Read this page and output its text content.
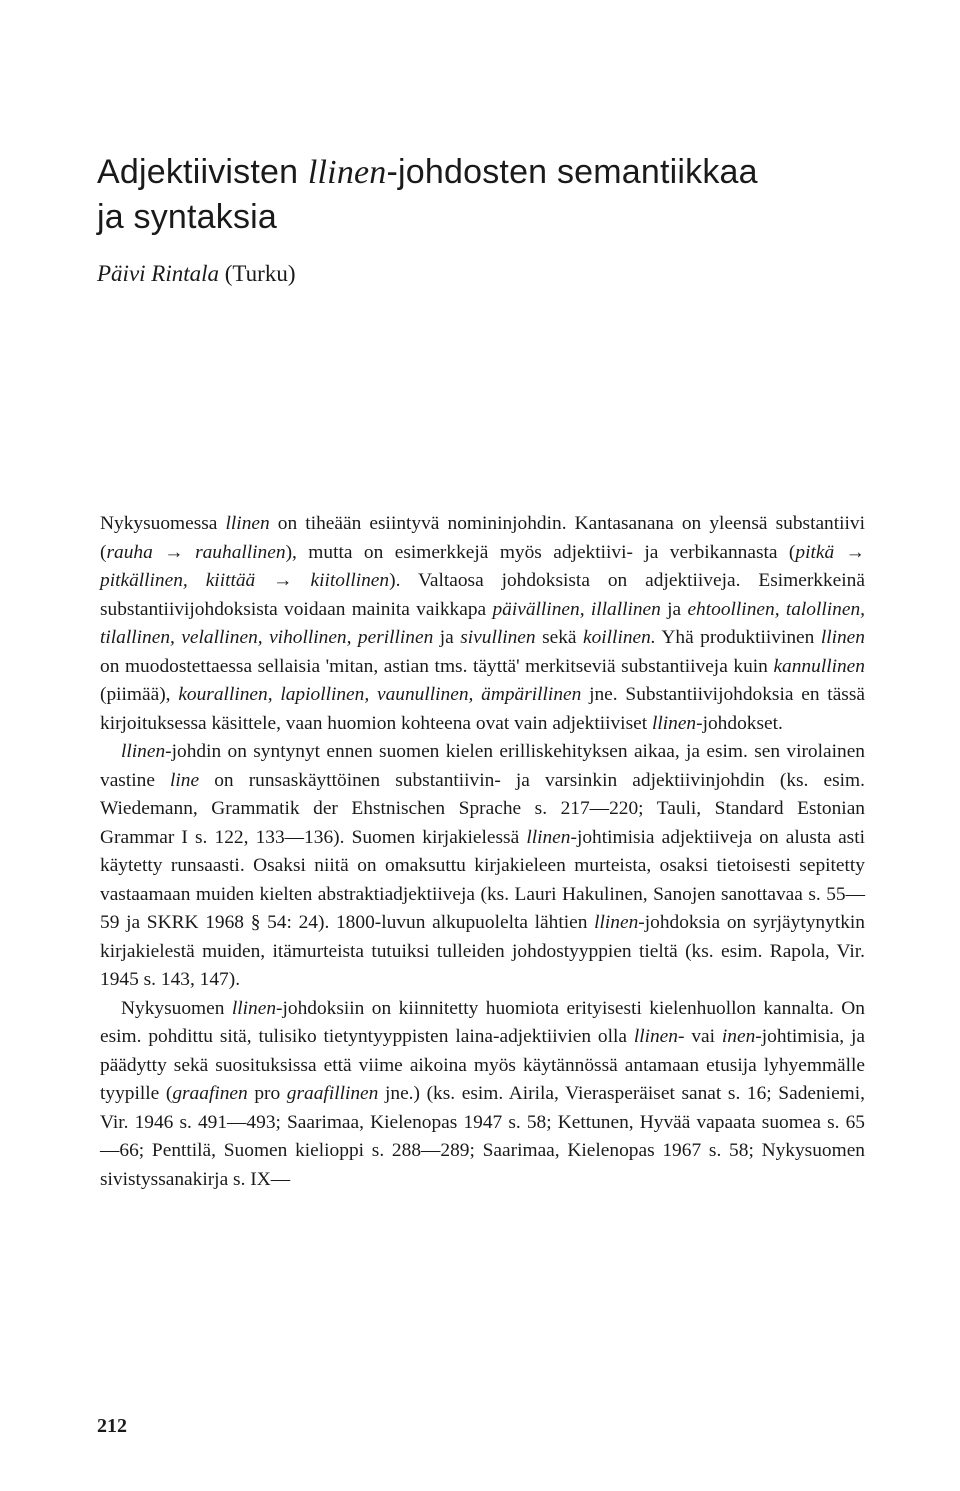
Adjektiivisten llinen-johdosten semantiikkaa
ja syntaksia

Päivi Rintala (Turku)

Nykysuomessa llinen on tiheään esiintyvä nomininjohdin. Kantasanana on yleensä substantiivi (rauha → rauhallinen), mutta on esimerkkejä myös adjektiivi- ja verbikannasta (pitkä → pitkällinen, kiittää → kiitollinen). Valtaosa johdoksista on adjektiiveja. Esimerkkeinä substantiivijohdoksista voidaan mainita vaikkapa päivällinen, illallinen ja ehtoollinen, talollinen, tilallinen, velallinen, vihollinen, perillinen ja sivullinen sekä koillinen. Yhä produktiivinen llinen on muodostettaessa sellaisia 'mitan, astian tms. täyttä' merkitseviä substantiiveja kuin kannullinen (piimää), kourallinen, lapiollinen, vaunullinen, ämpärillinen jne. Substantiivijohdoksia en tässä kirjoituksessa käsittele, vaan huomion kohteena ovat vain adjektiiviset llinen-johdokset.

llinen-johdin on syntynyt ennen suomen kielen erilliskehityksen aikaa, ja esim. sen virolainen vastine line on runsaskäyttöinen substantiivin- ja varsinkin adjektiivinjohdin (ks. esim. Wiedemann, Grammatik der Ehstnischen Sprache s. 217—220; Tauli, Standard Estonian Grammar I s. 122, 133—136). Suomen kirjakielessä llinen-johtimisia adjektiiveja on alusta asti käytetty runsaasti. Osaksi niitä on omaksuttu kirjakieleen murteista, osaksi tietoisesti sepitetty vastaamaan muiden kielten abstraktiadjektiiveja (ks. Lauri Hakulinen, Sanojen sanottavaa s. 55—59 ja SKRK 1968 § 54: 24). 1800-luvun alkupuolelta lähtien llinen-johdoksia on syrjäytynytkin kirjakielestä muiden, itämurteista tutuiksi tulleiden johdostyyppien tieltä (ks. esim. Rapola, Vir. 1945 s. 143, 147).

Nykysuomen llinen-johdoksiin on kiinnitetty huomiota erityisesti kielenhuollon kannalta. On esim. pohdittu sitä, tulisiko tietyntyyppisten laina-adjektiivien olla llinen- vai inen-johtimisia, ja päädytty sekä suosituksissa että viime aikoina myös käytännössä antamaan etusija lyhyemmälle tyypille (graafinen pro graafillinen jne.) (ks. esim. Airila, Vierasperäiset sanat s. 16; Sadeniemi, Vir. 1946 s. 491—493; Saarimaa, Kielenopas 1947 s. 58; Kettunen, Hyvää vapaata suomea s. 65—66; Penttilä, Suomen kielioppi s. 288—289; Saarimaa, Kielenopas 1967 s. 58; Nykysuomen sivistyssanakirja s. IX—

212
